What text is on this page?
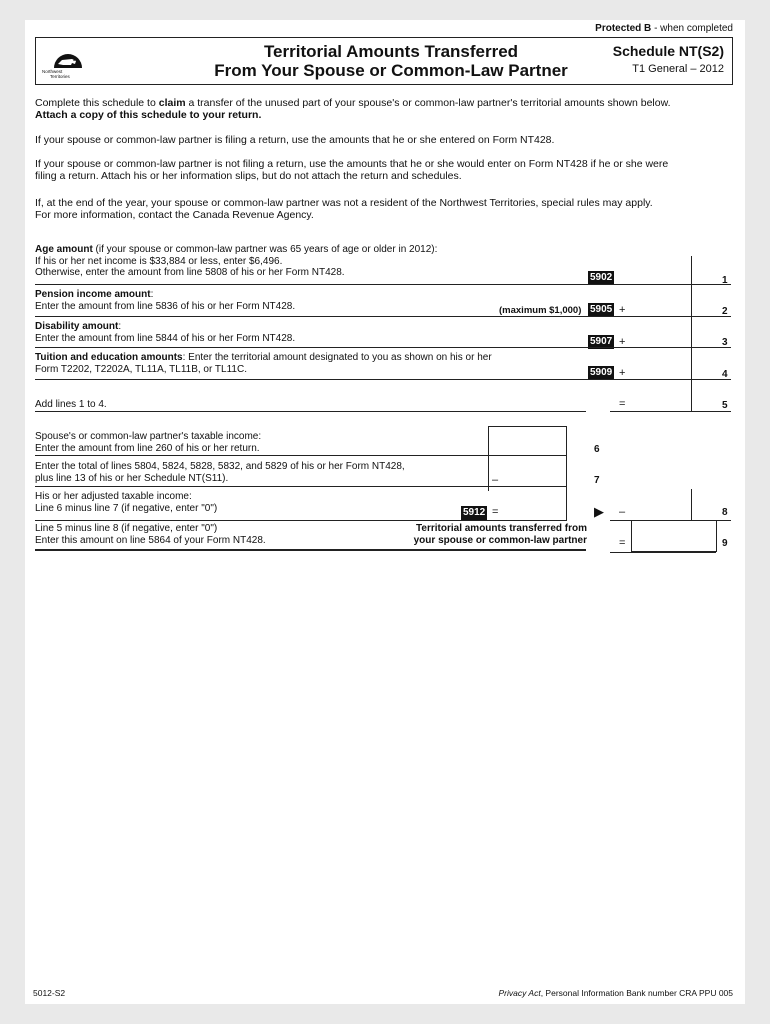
Protected B - when completed
Northwest
Territories
Territorial Amounts Transferred
From Your Spouse or Common-Law Partner
Schedule NT(S2)
T1 General – 2012
Complete this schedule to claim a transfer of the unused part of your spouse's or common-law partner's territorial amounts shown below.
Attach a copy of this schedule to your return.
If your spouse or common-law partner is filing a return, use the amounts that he or she entered on Form NT428.
If your spouse or common-law partner is not filing a return, use the amounts that he or she would enter on Form NT428 if he or she were
filing a return. Attach his or her information slips, but do not attach the return and schedules.
If, at the end of the year, your spouse or common-law partner was not a resident of the Northwest Territories, special rules may apply.
For more information, contact the Canada Revenue Agency.
Age amount (if your spouse or common-law partner was 65 years of age or older in 2012):
If his or her net income is $33,884 or less, enter $6,496.
Otherwise, enter the amount from line 5808 of his or her Form NT428.	5902	1
Pension income amount:
Enter the amount from line 5836 of his or her Form NT428.	(maximum $1,000) 5905 +	2
Disability amount:
Enter the amount from line 5844 of his or her Form NT428.	5907 +	3
Tuition and education amounts: Enter the territorial amount designated to you as shown on his or her
Form T2202, T2202A, TL11A, TL11B, or TL11C.	5909 +	4
Add lines 1 to 4.	=	5
Spouse's or common-law partner's taxable income:
Enter the amount from line 260 of his or her return.	6
Enter the total of lines 5804, 5824, 5828, 5832, and 5829 of his or her Form NT428,
plus line 13 of his or her Schedule NT(S11).	–	7
His or her adjusted taxable income:
Line 6 minus line 7 (if negative, enter "0")	5912 =	▶ –	8
Line 5 minus line 8 (if negative, enter "0")
Enter this amount on line 5864 of your Form NT428.
Territorial amounts transferred from
your spouse or common-law partner	=	9
5012-S2	Privacy Act, Personal Information Bank number CRA PPU 005
